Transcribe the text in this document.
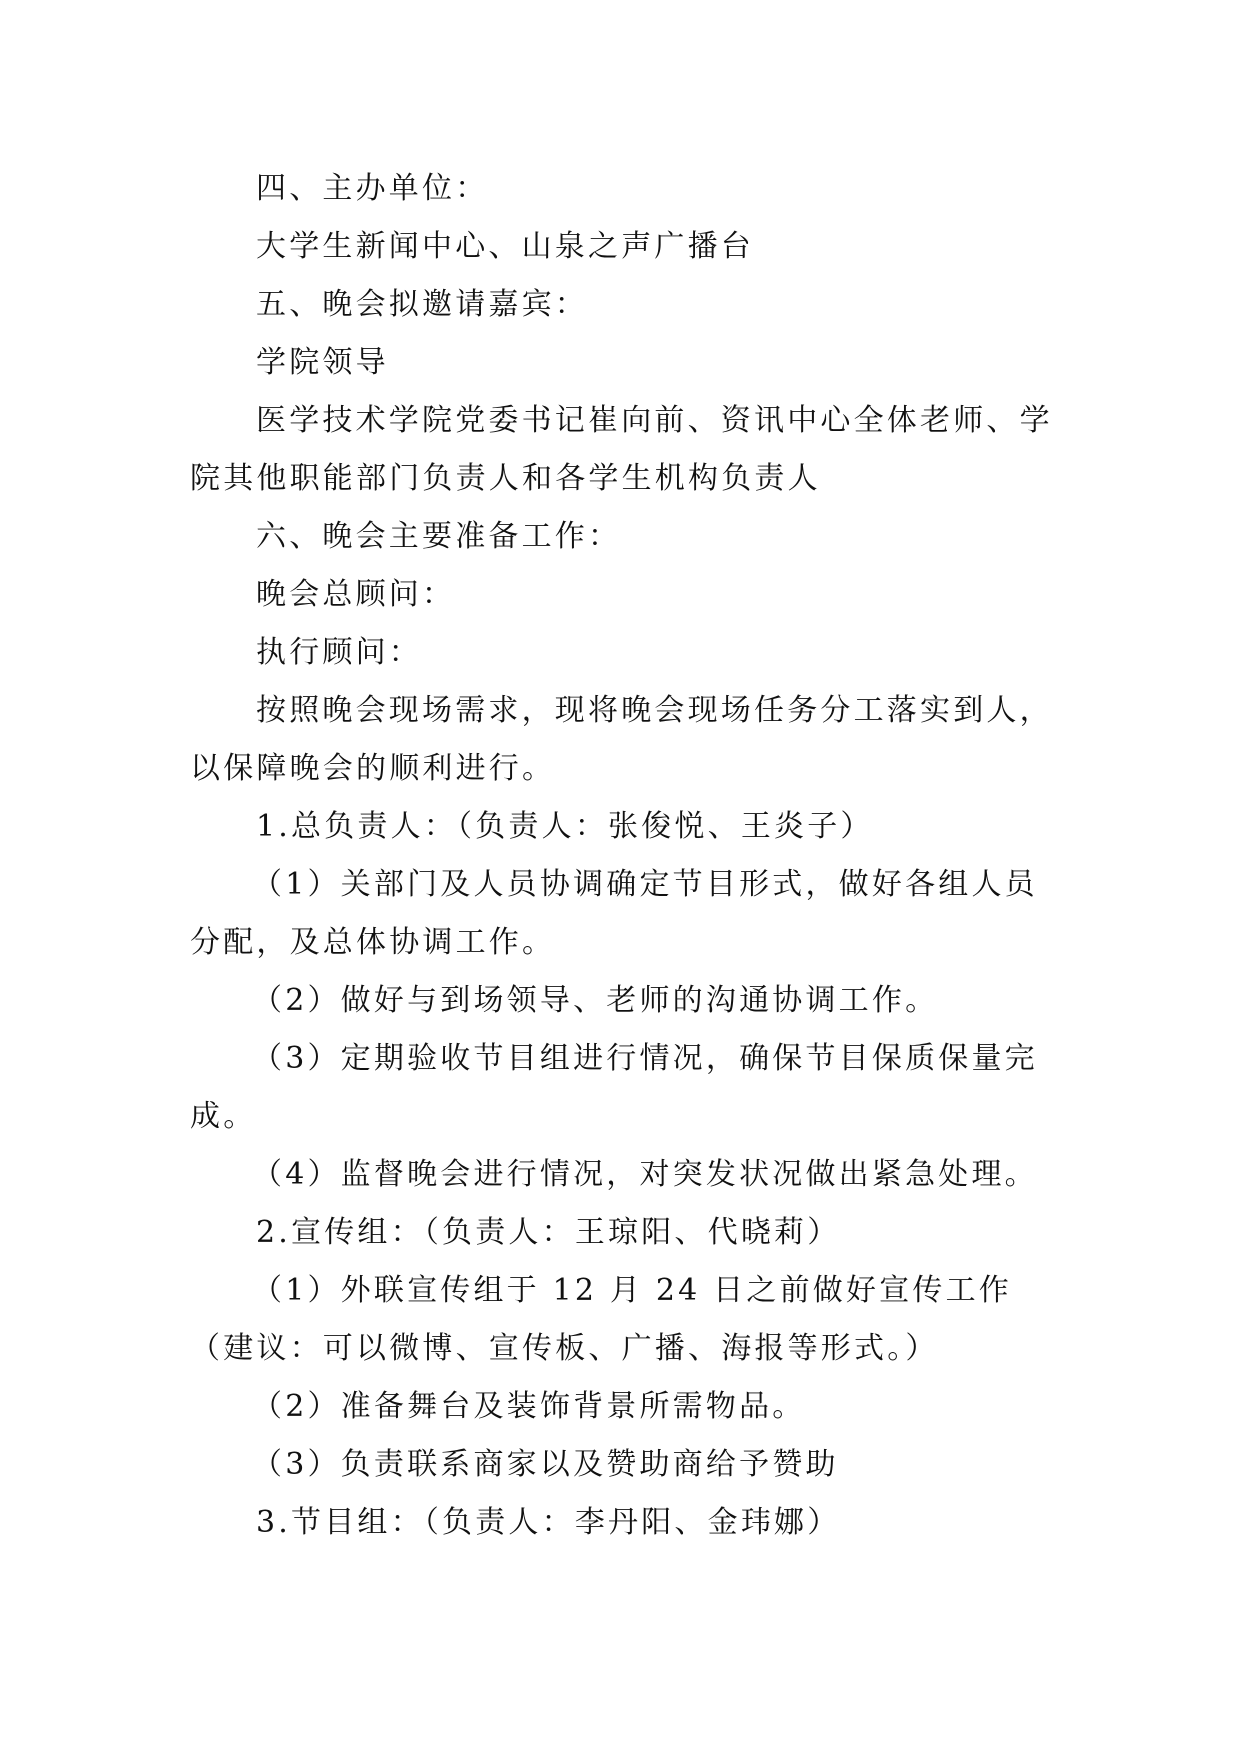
四、主办单位：

大学生新闻中心、山泉之声广播台

五、晚会拟邀请嘉宾：

学院领导

医学技术学院党委书记崔向前、资讯中心全体老师、学院其他职能部门负责人和各学生机构负责人

六、晚会主要准备工作：

晚会总顾问：

执行顾问：

按照晚会现场需求，现将晚会现场任务分工落实到人，以保障晚会的顺利进行。

1.总负责人：（负责人：张俊悦、王炎子）

（1）关部门及人员协调确定节目形式，做好各组人员分配，及总体协调工作。

（2）做好与到场领导、老师的沟通协调工作。

（3）定期验收节目组进行情况，确保节目保质保量完成。

（4）监督晚会进行情况，对突发状况做出紧急处理。

2.宣传组：（负责人：王琼阳、代晓莉）

（1）外联宣传组于 12 月 24 日之前做好宣传工作（建议：可以微博、宣传板、广播、海报等形式。）

（2）准备舞台及装饰背景所需物品。

（3）负责联系商家以及赞助商给予赞助

3.节目组：（负责人：李丹阳、金玮娜）
